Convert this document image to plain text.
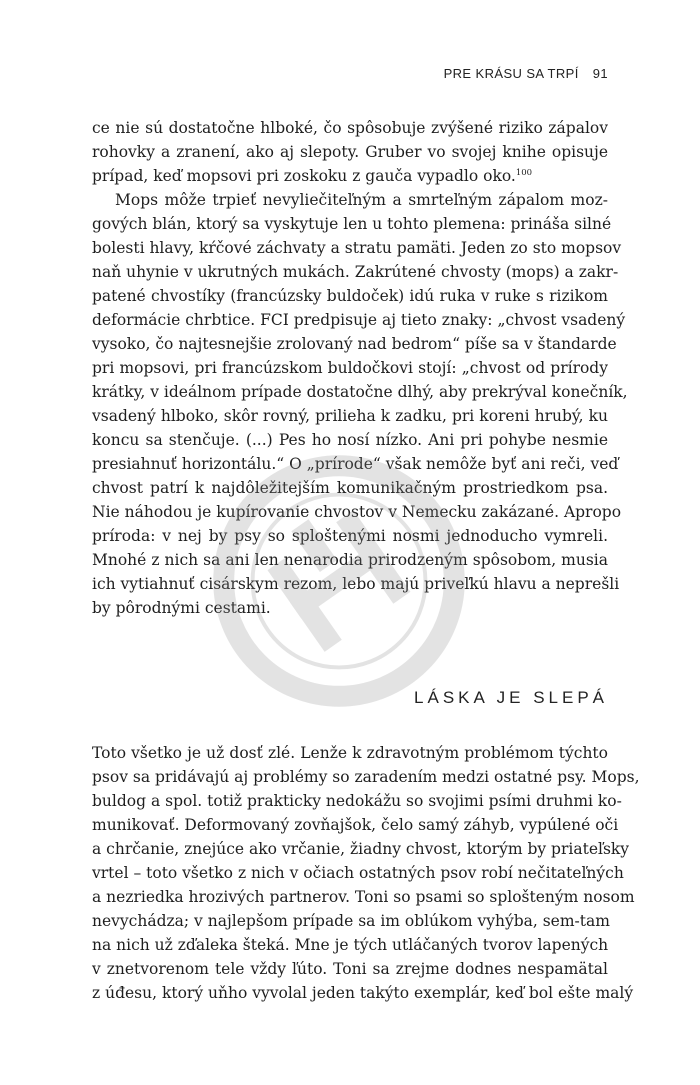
PRE KRÁSU SA TRPÍ 91
ce nie sú dostatočne hlboké, čo spôsobuje zvýšené riziko zápalov
rohovky a zranení, ako aj slepoty. Gruber vo svojej knihe opisuje
prípad, keď mopsovi pri zoskoku z gauča vypadlo oko.$^{100}$
Mops môže trpieť nevyliečiteľným a smrteľným zápalom moz-
gových blán, ktorý sa vyskytuje len u tohto plemena: prináša silné
bolesti hlavy, kŕčové záchvaty a stratu pamäti. Jeden zo sto mopsov
naň uhynie v ukrutných mukách. Zakrútené chvosty (mops) a zakr-
patené chvostíky (francúzsky buldoček) idú ruka v ruke s rizikom
deformácie chrbtice. FCI predpisuje aj tieto znaky: „chvost vsadený
vysoko, čo najtesnejšie zrolovaný nad bedrom“ píše sa v štandarde
pri mopsovi, pri francúzskom buldočkovi stojí: „chvost od prírody
krátky, v ideálnom prípade dostatočne dlhý, aby prekrýval konečník,
vsadený hlboko, skôr rovný, prilieha k zadku, pri koreni hrubý, ku
koncu sa stenčuje. (...) Pes ho nosí nízko. Ani pri pohybe nesmie
presiahnuť horizontálu.“ O „prírode“ však nemôže byť ani reči, veď
chvost patrí k najdôležitejším komunikačným prostriedkom psa.
Nie náhodou je kupírovanie chvostov v Nemecku zakázané. Apropo
príroda: v nej by psy so sploštenými nosmi jednoducho vymreli.
Mnohé z nich sa ani len nenarodia prirodzeným spôsobom, musia
ich vytiahnuť cisárskym rezom, lebo majú priveľkú hlavu a neprešli
by pôrodnými cestami.
LÁSKA JE SLEPÁ
Toto všetko je už dosť zlé. Lenže k zdravotným problémom týchto
psov sa pridávajú aj problémy so zaradením medzi ostatné psy. Mops,
buldog a spol. totiž prakticky nedokážu so svojimi psími druhmi ko-
munikovať. Deformovaný zovňajšok, čelo samý záhyb, vypúlené oči
a chrčanie, znejúce ako vrčanie, žiadny chvost, ktorým by priateľsky
vrtel – toto všetko z nich v očiach ostatných psov robí nečitateľných
a nezriedka hrozivých partnerov. Toni so psami so splošteným nosom
nevychádza; v najlepšom prípade sa im oblúkom vyhýba, sem-tam
na nich už zďaleka šteká. Mne je tých utláčaných tvorov lapených
v znetvorenom tele vždy ľúto. Toni sa zrejme dodnes nespamätal
z úđesu, ktorý uňho vyvolal jeden takýto exemplár, keď bol ešte malý
